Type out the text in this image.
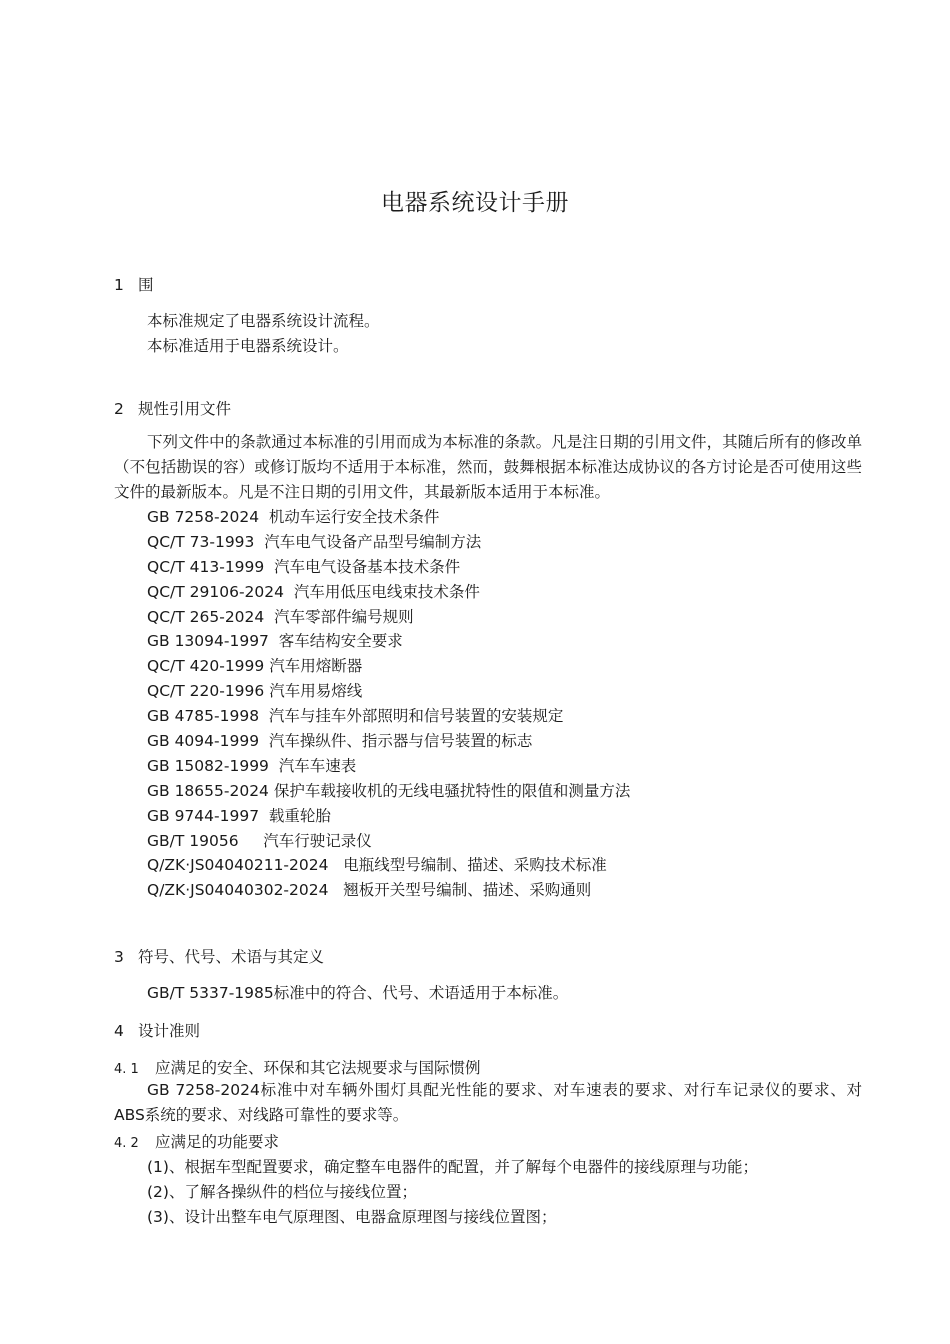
电器系统设计手册
1 围
本标准规定了电器系统设计流程。
本标准适用于电器系统设计。
2 规性引用文件
下列文件中的条款通过本标准的引用而成为本标准的条款。凡是注日期的引用文件，其随后所有的修改单（不包括勘误的容）或修订版均不适用于本标准，然而，鼓舞根据本标准达成协议的各方讨论是否可使用这些文件的最新版本。凡是不注日期的引用文件，其最新版本适用于本标准。
GB 7258-2024  机动车运行安全技术条件
QC/T 73-1993  汽车电气设备产品型号编制方法
QC/T 413-1999  汽车电气设备基本技术条件
QC/T 29106-2024  汽车用低压电线束技术条件
QC/T 265-2024  汽车零部件编号规则
GB 13094-1997  客车结构安全要求
QC/T 420-1999 汽车用熔断器
QC/T 220-1996 汽车用易熔线
GB 4785-1998  汽车与挂车外部照明和信号装置的安装规定
GB 4094-1999  汽车操纵件、指示器与信号装置的标志
GB 15082-1999  汽车车速表
GB 18655-2024 保护车载接收机的无线电骚扰特性的限值和测量方法
GB 9744-1997  载重轮胎
GB/T 19056     汽车行驶记录仪
Q/ZK·JS04040211-2024   电瓶线型号编制、描述、采购技术标准
Q/ZK·JS04040302-2024   翘板开关型号编制、描述、采购通则
3 符号、代号、术语与其定义
GB/T 5337-1985标准中的符合、代号、术语适用于本标准。
4 设计准则
4. 1 应满足的安全、环保和其它法规要求与国际惯例
GB 7258-2024标准中对车辆外围灯具配光性能的要求、对车速表的要求、对行车记录仪的要求、对ABS系统的要求、对线路可靠性的要求等。
4. 2 应满足的功能要求
(1)、根据车型配置要求，确定整车电器件的配置，并了解每个电器件的接线原理与功能；
(2)、了解各操纵件的档位与接线位置；
(3)、设计出整车电气原理图、电器盒原理图与接线位置图；
